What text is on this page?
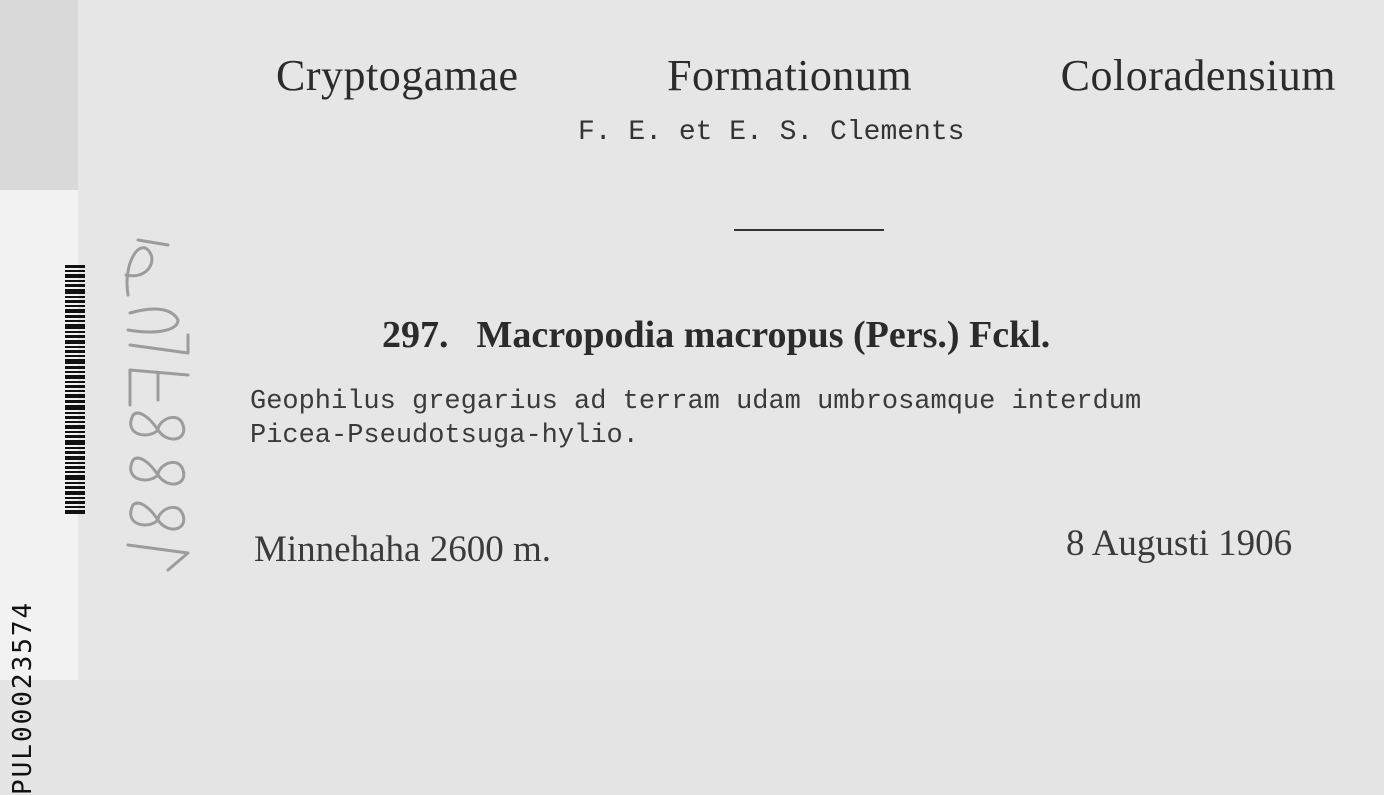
PUL00023574
Cryptogamae	Formationum	Coloradensium
F. E. et E. S. Clements
297. Macropodia macropus (Pers.) Fckl.
Geophilus gregarius ad terram udam umbrosamque interdum
Picea-Pseudotsuga-hylio.
Minnehaha 2600 m.	8 Augusti 1906
